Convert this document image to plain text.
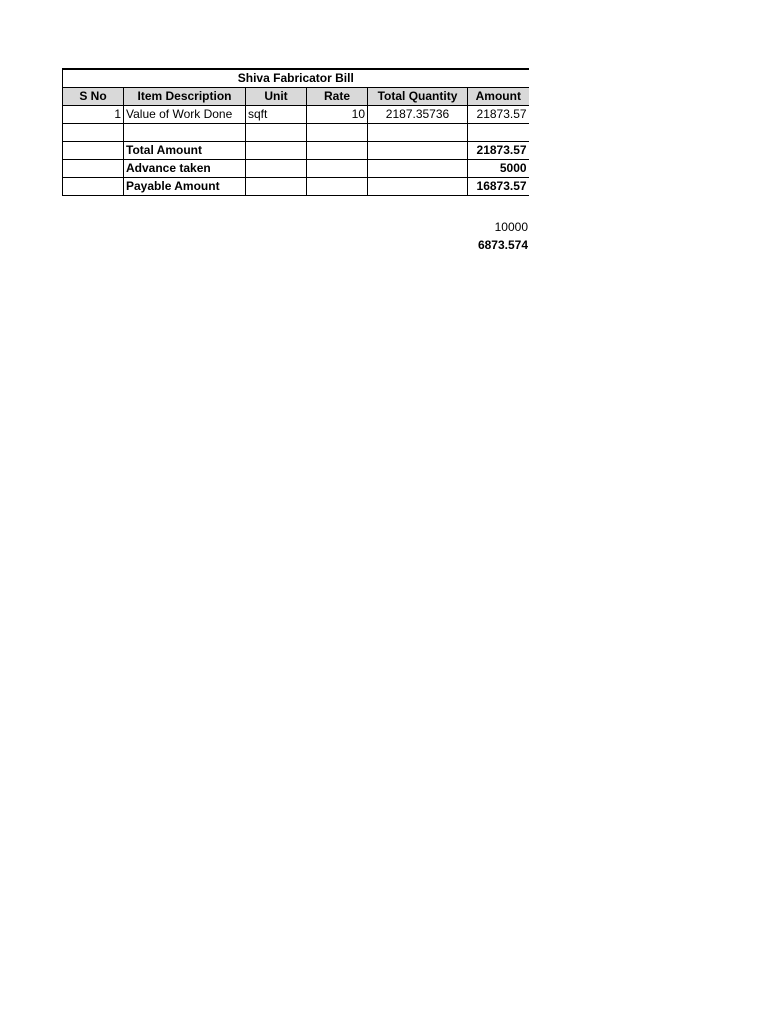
Shiva Fabricator Bill					
S No	Item Description	Unit	Rate	Total Quantity	Amount
1	Value of Work Done	sqft	10	2187.35736	21873.57

	Total Amount				21873.57
	Advance taken				5000
	Payable Amount				16873.57
10000
6873.574
